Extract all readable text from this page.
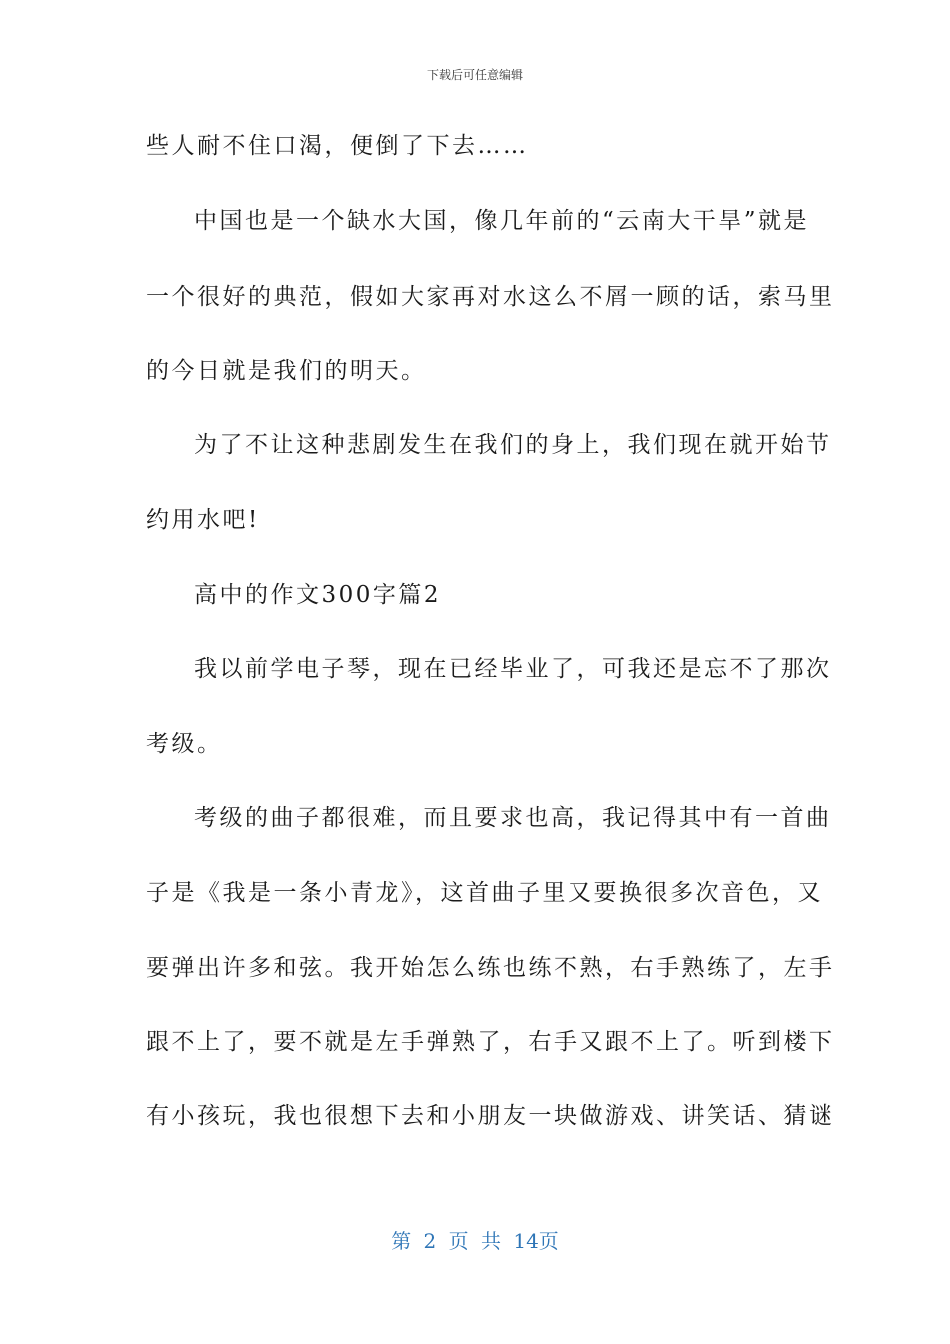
下载后可任意编辑
些人耐不住口渴，便倒了下去……
中国也是一个缺水大国，像几年前的“云南大干旱”就是
一个很好的典范，假如大家再对水这么不屑一顾的话，索马里
的今日就是我们的明天。
为了不让这种悲剧发生在我们的身上，我们现在就开始节
约用水吧!
高中的作文300字篇2
我以前学电子琴，现在已经毕业了，可我还是忘不了那次
考级。
考级的曲子都很难，而且要求也高，我记得其中有一首曲
子是《我是一条小青龙》，这首曲子里又要换很多次音色，又
要弹出许多和弦。我开始怎么练也练不熟，右手熟练了，左手
跟不上了，要不就是左手弹熟了，右手又跟不上了。听到楼下
有小孩玩，我也很想下去和小朋友一块做游戏、讲笑话、猜谜
第 2 页 共 14页
